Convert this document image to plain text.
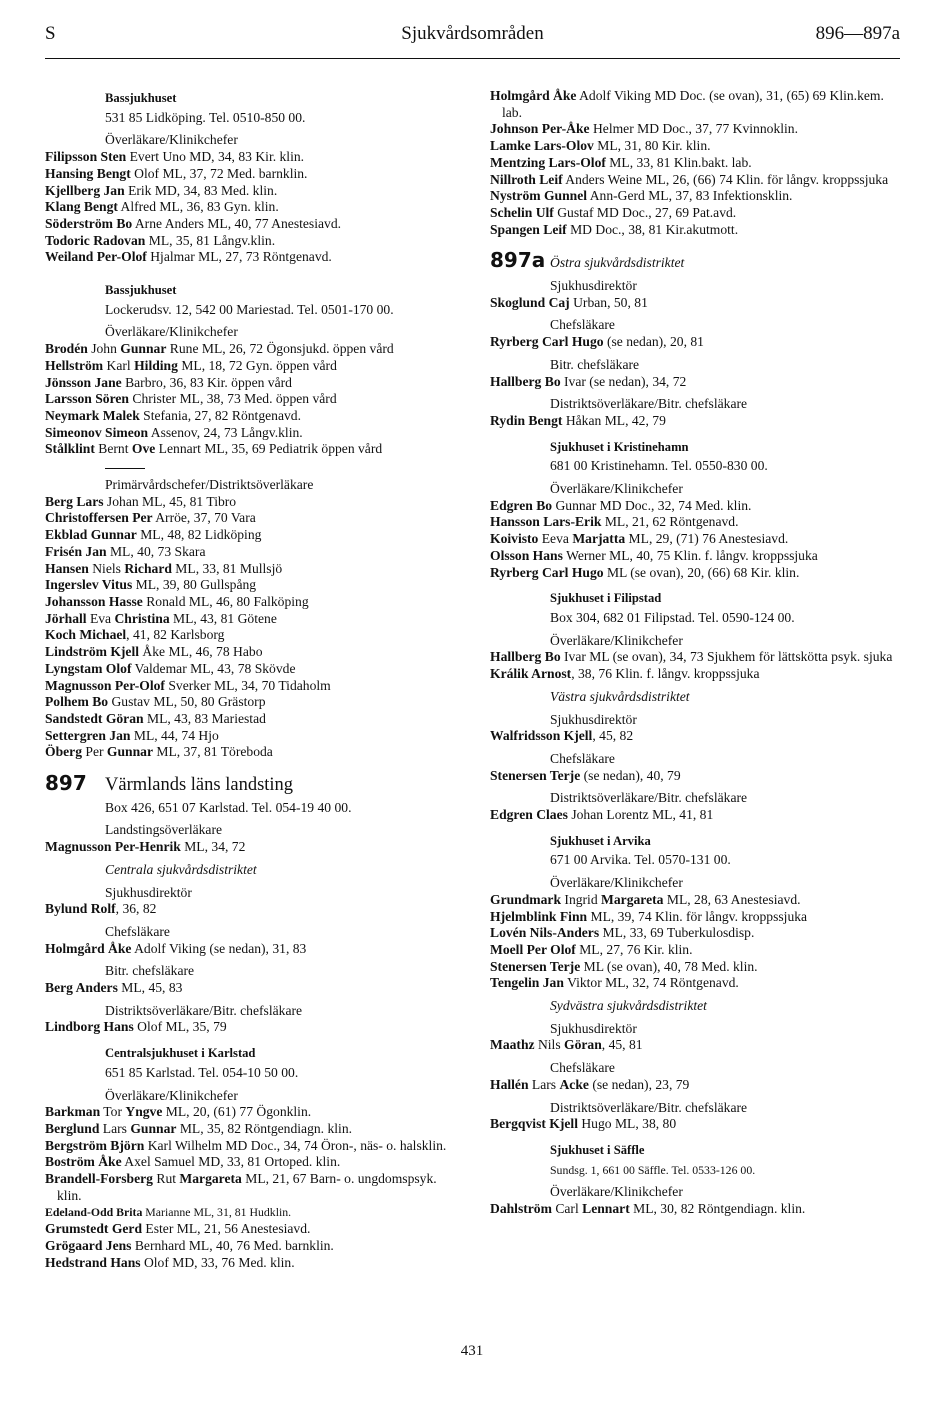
S	Sjukvårdsområden	896—897a
Bassjukhuset
531 85 Lidköping. Tel. 0510-850 00.
Överläkare/Klinikchefer
Filipsson Sten Evert Uno MD, 34, 83 Kir. klin.
Hansing Bengt Olof ML, 37, 72 Med. barnklin.
Kjellberg Jan Erik MD, 34, 83 Med. klin.
Klang Bengt Alfred ML, 36, 83 Gyn. klin.
Söderström Bo Arne Anders ML, 40, 77 Anestesiavd.
Todoric Radovan ML, 35, 81 Långv.klin.
Weiland Per-Olof Hjalmar ML, 27, 73 Röntgenavd.
Bassjukhuset
Lockerudsv. 12, 542 00 Mariestad. Tel. 0501-170 00.
Överläkare/Klinikchefer
Brodén John Gunnar Rune ML, 26, 72 Ögonsjukd. öppen vård
Hellström Karl Hilding ML, 18, 72 Gyn. öppen vård
Jönsson Jane Barbro, 36, 83 Kir. öppen vård
Larsson Sören Christer ML, 38, 73 Med. öppen vård
Neymark Malek Stefania, 27, 82 Röntgenavd.
Simeonov Simeon Assenov, 24, 73 Långv.klin.
Stålklint Bernt Ove Lennart ML, 35, 69 Pediatrik öppen vård
Primärvårdschefer/Distriktsöverläkare
Berg Lars Johan ML, 45, 81 Tibro
Christoffersen Per Arröe, 37, 70 Vara
Ekblad Gunnar ML, 48, 82 Lidköping
Frisén Jan ML, 40, 73 Skara
Hansen Niels Richard ML, 33, 81 Mullsjö
Ingerslev Vitus ML, 39, 80 Gullspång
Johansson Hasse Ronald ML, 46, 80 Falköping
Jörhall Eva Christina ML, 43, 81 Götene
Koch Michael, 41, 82 Karlsborg
Lindström Kjell Åke ML, 46, 78 Habo
Lyngstam Olof Valdemar ML, 43, 78 Skövde
Magnusson Per-Olof Sverker ML, 34, 70 Tidaholm
Polhem Bo Gustav ML, 50, 80 Grästorp
Sandstedt Göran ML, 43, 83 Mariestad
Settergren Jan ML, 44, 74 Hjo
Öberg Per Gunnar ML, 37, 81 Töreboda
897 Värmlands läns landsting
Box 426, 651 07 Karlstad. Tel. 054-19 40 00.
Landstingsöverläkare
Magnusson Per-Henrik ML, 34, 72
Centrala sjukvårdsdistriktet
Sjukhusdirektör
Bylund Rolf, 36, 82
Chefsläkare
Holmgård Åke Adolf Viking (se nedan), 31, 83
Bitr. chefsläkare
Berg Anders ML, 45, 83
Distriktsöverläkare/Bitr. chefsläkare
Lindborg Hans Olof ML, 35, 79
Centralsjukhuset i Karlstad
651 85 Karlstad. Tel. 054-10 50 00.
Överläkare/Klinikchefer
Barkman Tor Yngve ML, 20, (61) 77 Ögonklin.
Berglund Lars Gunnar ML, 35, 82 Röntgendiagn. klin.
Bergström Björn Karl Wilhelm MD Doc., 34, 74 Öron-, näs- o. halsklin.
Boström Åke Axel Samuel MD, 33, 81 Ortoped. klin.
Brandell-Forsberg Rut Margareta ML, 21, 67 Barn- o. ungdomspsyk. klin.
Edeland-Odd Brita Marianne ML, 31, 81 Hudklin.
Grumstedt Gerd Ester ML, 21, 56 Anestesiavd.
Grögaard Jens Bernhard ML, 40, 76 Med. barnklin.
Hedstrand Hans Olof MD, 33, 76 Med. klin.
Holmgård Åke Adolf Viking MD Doc. (se ovan), 31, (65) 69 Klin.kem. lab.
Johnson Per-Åke Helmer MD Doc., 37, 77 Kvinnoklin.
Lamke Lars-Olov ML, 31, 80 Kir. klin.
Mentzing Lars-Olof ML, 33, 81 Klin.bakt. lab.
Nillroth Leif Anders Weine ML, 26, (66) 74 Klin. för långv. kroppssjuka
Nyström Gunnel Ann-Gerd ML, 37, 83 Infektionsklin.
Schelin Ulf Gustaf MD Doc., 27, 69 Pat.avd.
Spangen Leif MD Doc., 38, 81 Kir.akutmott.
897a Östra sjukvårdsdistriktet
Sjukhusdirektör
Skoglund Caj Urban, 50, 81
Chefsläkare
Ryrberg Carl Hugo (se nedan), 20, 81
Bitr. chefsläkare
Hallberg Bo Ivar (se nedan), 34, 72
Distriktsöverläkare/Bitr. chefsläkare
Rydin Bengt Håkan ML, 42, 79
Sjukhuset i Kristinehamn
681 00 Kristinehamn. Tel. 0550-830 00.
Överläkare/Klinikchefer
Edgren Bo Gunnar MD Doc., 32, 74 Med. klin.
Hansson Lars-Erik ML, 21, 62 Röntgenavd.
Koivisto Eeva Marjatta ML, 29, (71) 76 Anestesiavd.
Olsson Hans Werner ML, 40, 75 Klin. f. långv. kroppssjuka
Ryrberg Carl Hugo ML (se ovan), 20, (66) 68 Kir. klin.
Sjukhuset i Filipstad
Box 304, 682 01 Filipstad. Tel. 0590-124 00.
Överläkare/Klinikchefer
Hallberg Bo Ivar ML (se ovan), 34, 73 Sjukhem för lättskötta psyk. sjuka
Králik Arnost, 38, 76 Klin. f. långv. kroppssjuka
Västra sjukvårdsdistriktet
Sjukhusdirektör
Walfridsson Kjell, 45, 82
Chefsläkare
Stenersen Terje (se nedan), 40, 79
Distriktsöverläkare/Bitr. chefsläkare
Edgren Claes Johan Lorentz ML, 41, 81
Sjukhuset i Arvika
671 00 Arvika. Tel. 0570-131 00.
Överläkare/Klinikchefer
Grundmark Ingrid Margareta ML, 28, 63 Anestesiavd.
Hjelmblink Finn ML, 39, 74 Klin. för långv. kroppssjuka
Lovén Nils-Anders ML, 33, 69 Tuberkulosdisp.
Moell Per Olof ML, 27, 76 Kir. klin.
Stenersen Terje ML (se ovan), 40, 78 Med. klin.
Tengelin Jan Viktor ML, 32, 74 Röntgenavd.
Sydvästra sjukvårdsdistriktet
Sjukhusdirektör
Maathz Nils Göran, 45, 81
Chefsläkare
Hallén Lars Acke (se nedan), 23, 79
Distriktsöverläkare/Bitr. chefsläkare
Bergqvist Kjell Hugo ML, 38, 80
Sjukhuset i Säffle
Sundsg. 1, 661 00 Säffle. Tel. 0533-126 00.
Överläkare/Klinikchefer
Dahlström Carl Lennart ML, 30, 82 Röntgendiagn. klin.
431
